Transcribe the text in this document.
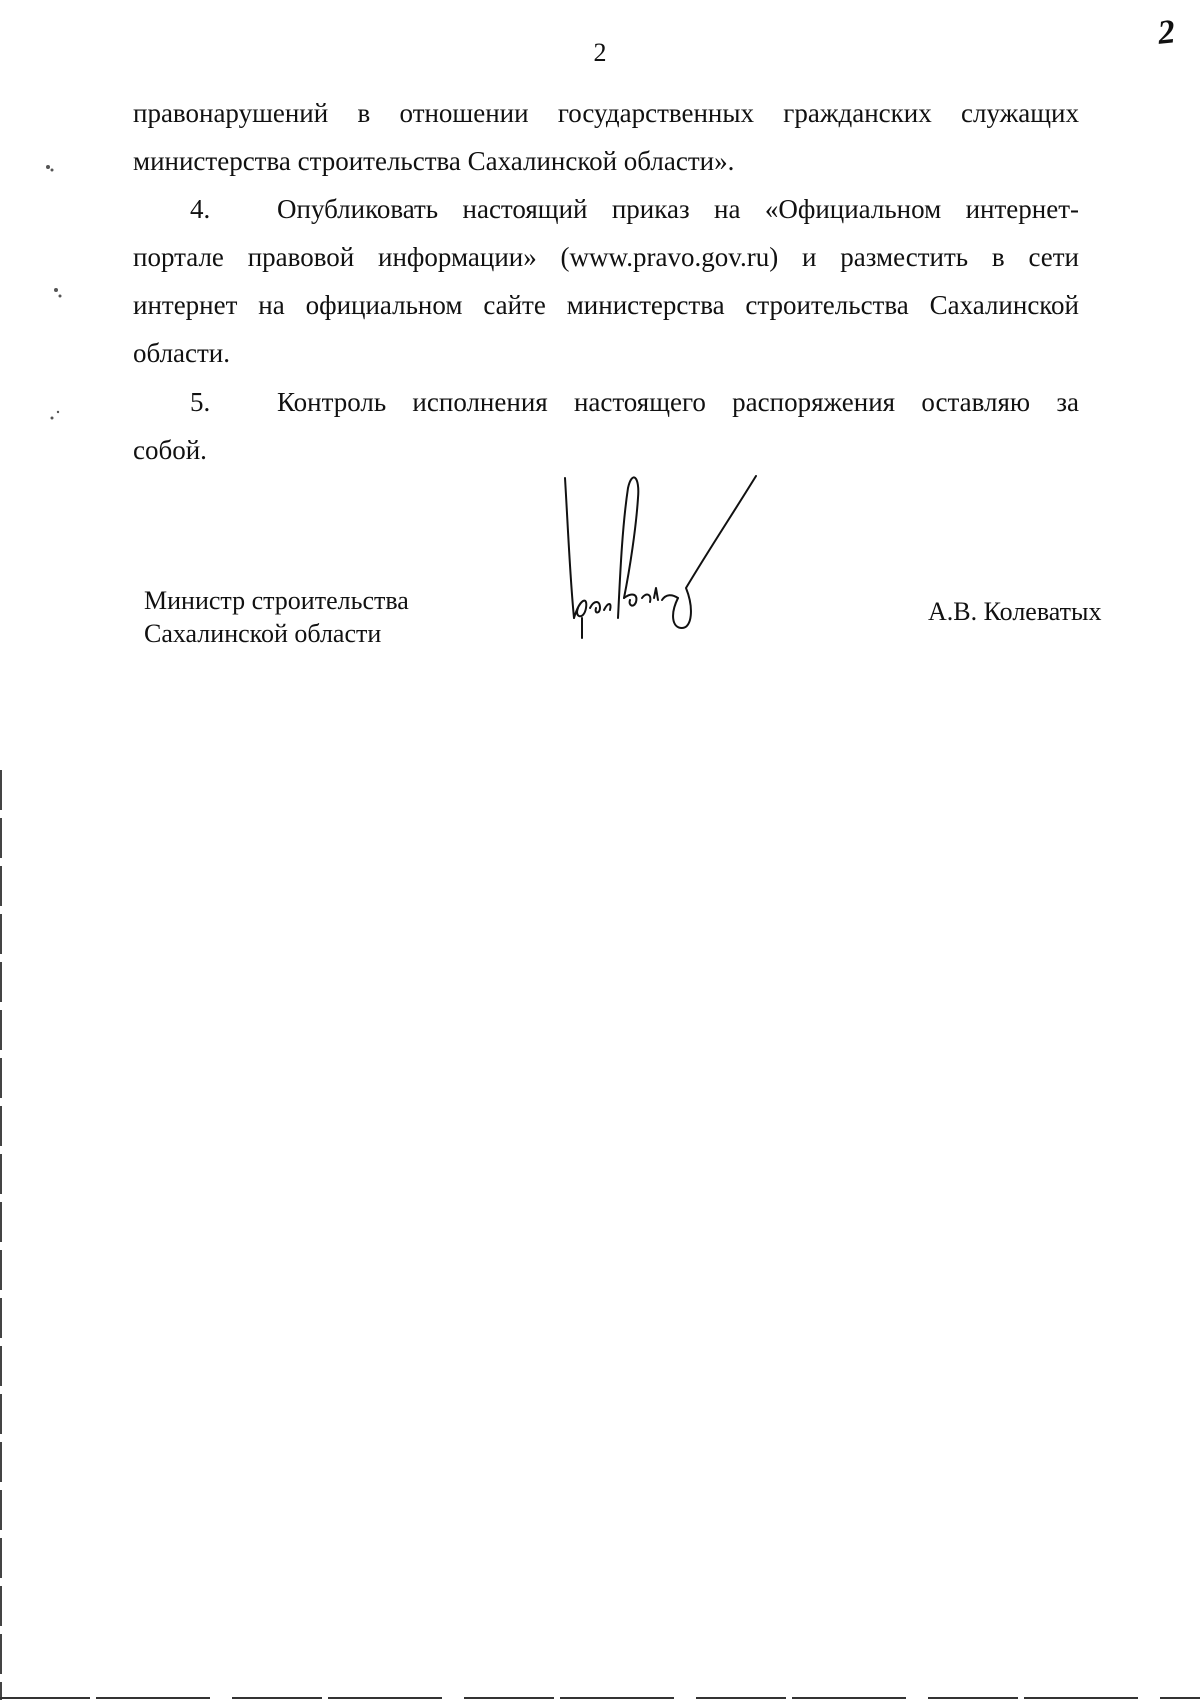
2
2
правонарушений в отношении государственных гражданских служащих
министерства строительства Сахалинской области».
4. Опубликовать настоящий приказ на «Официальном интернет-
портале правовой информации» (www.pravo.gov.ru) и разместить в сети
интернет на официальном сайте министерства строительства Сахалинской
области.
5. Контроль исполнения настоящего распоряжения оставляю за
собой.
Министр строительства
Сахалинской области
А.В. Колеватых
